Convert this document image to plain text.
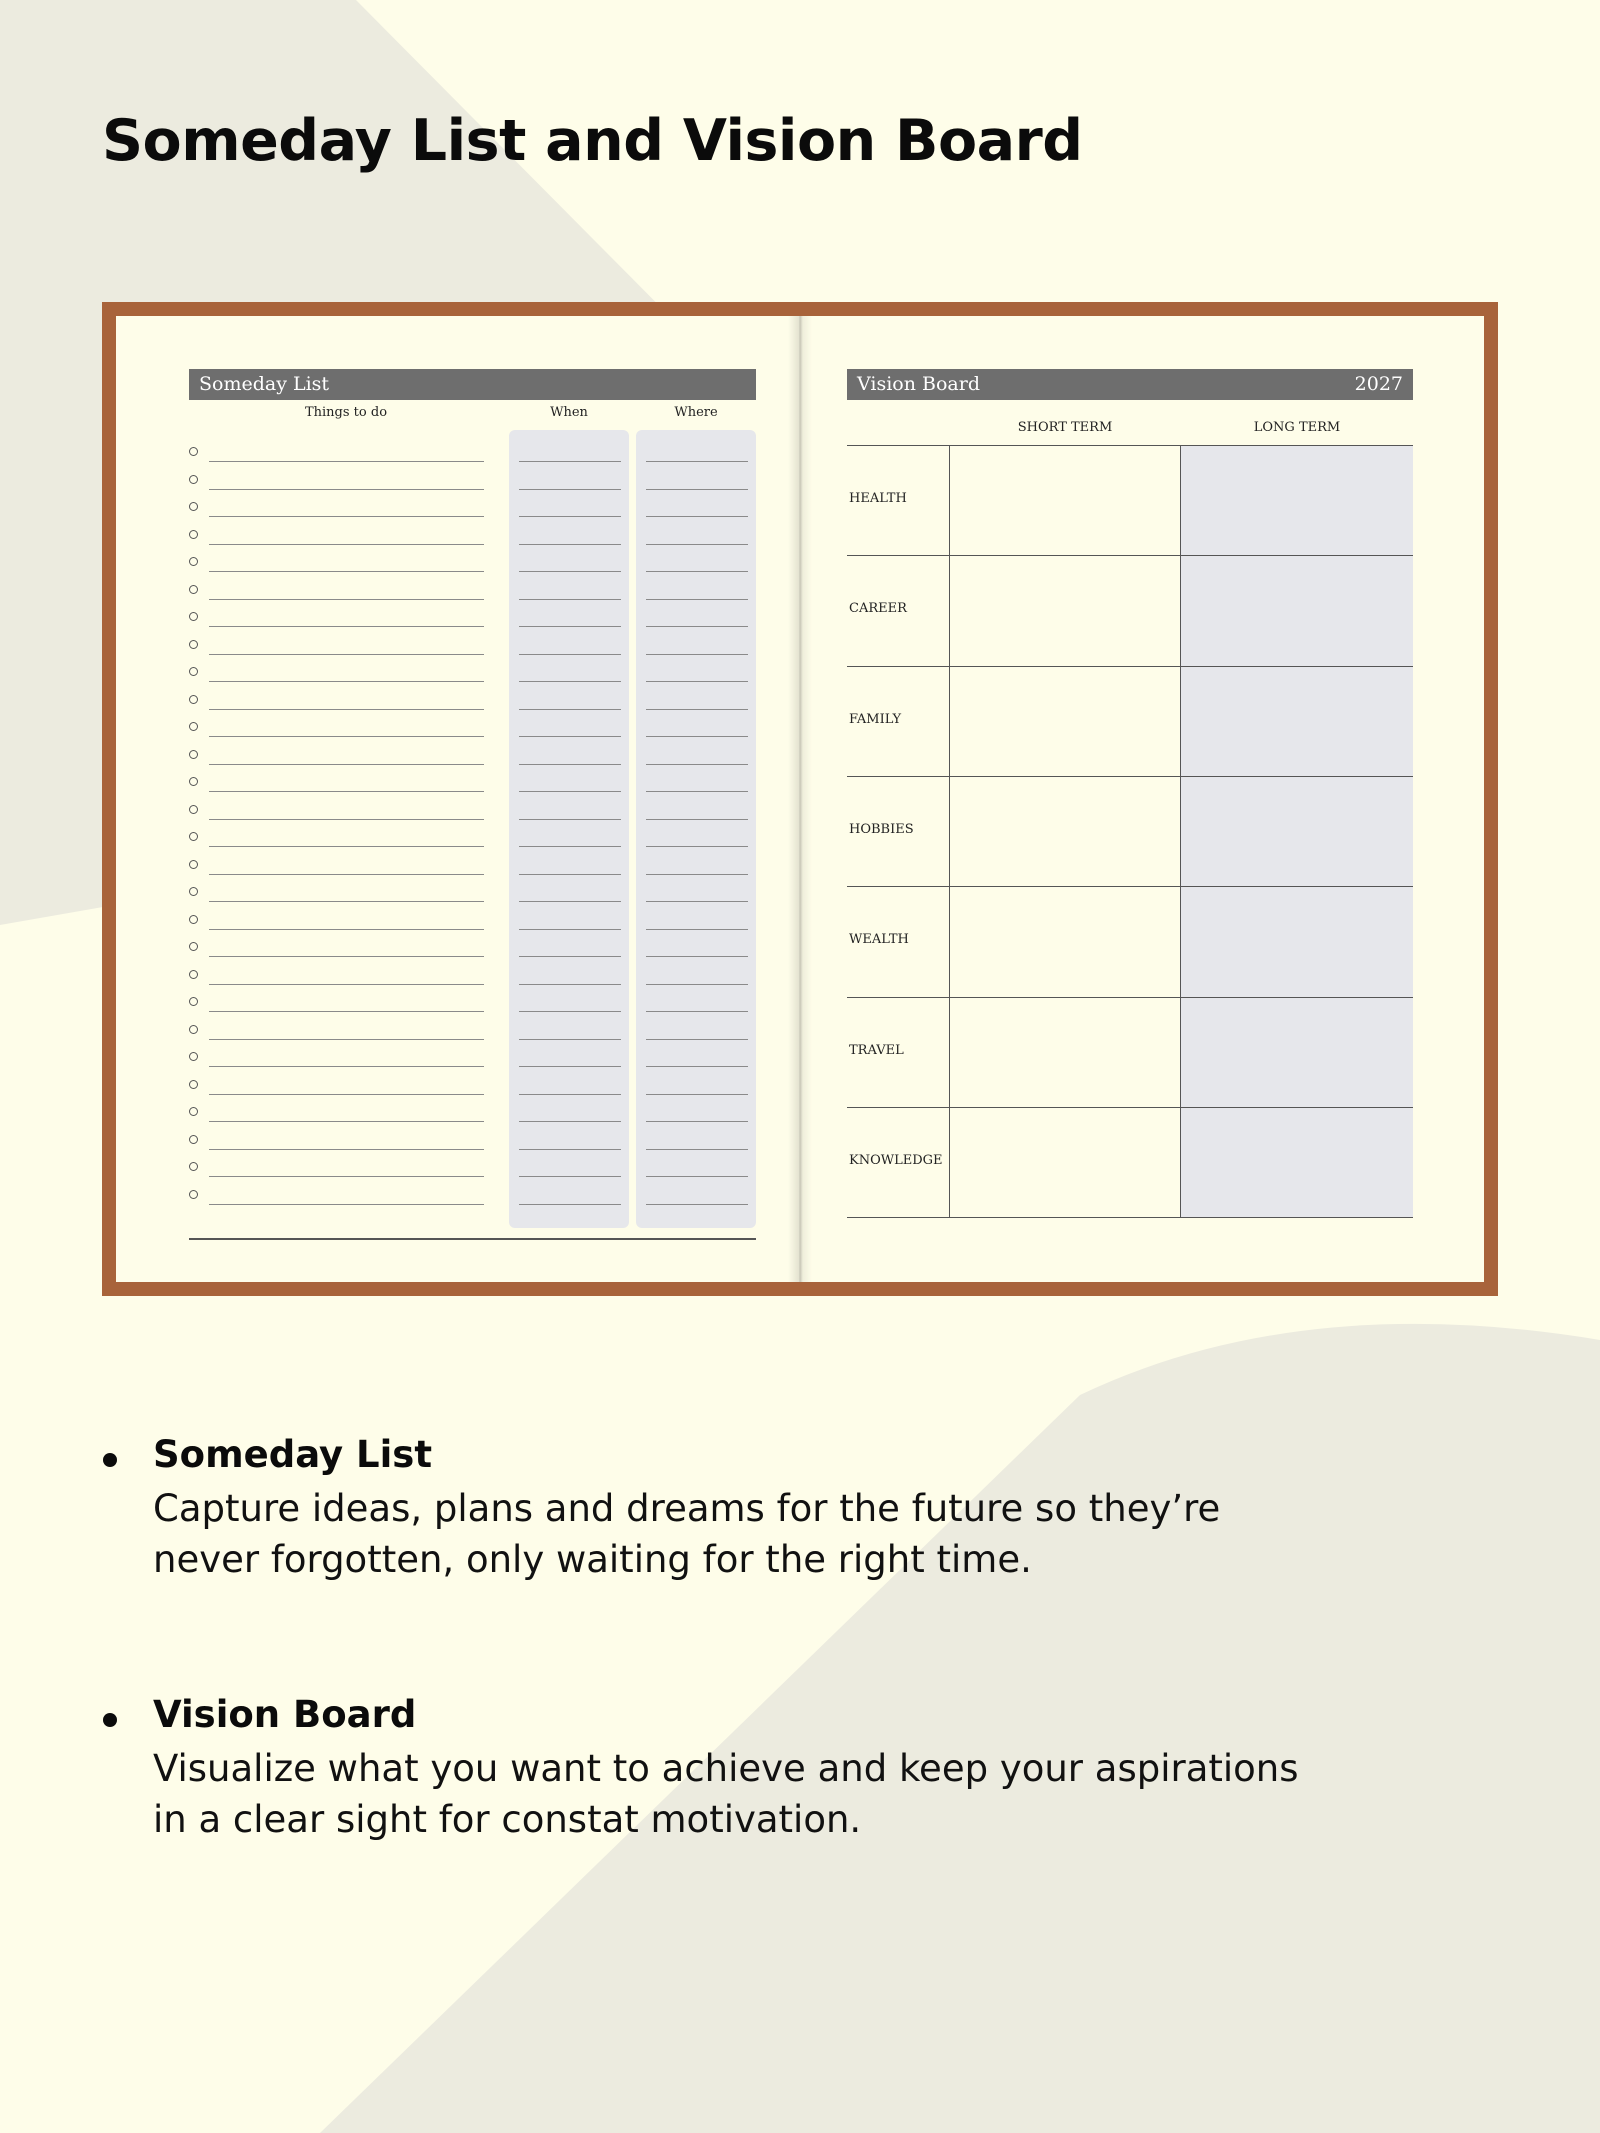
Someday List and Vision Board
Someday List
Things to do	When	Where
Vision Board	2027
SHORT TERM	LONG TERM
HEALTH
CAREER
FAMILY
HOBBIES
WEALTH
TRAVEL
KNOWLEDGE

Someday List

Capture ideas, plans and dreams for the future so they’re
never forgotten, only waiting for the right time.

Vision Board

Visualize what you want to achieve and keep your aspirations
in a clear sight for constat motivation.
